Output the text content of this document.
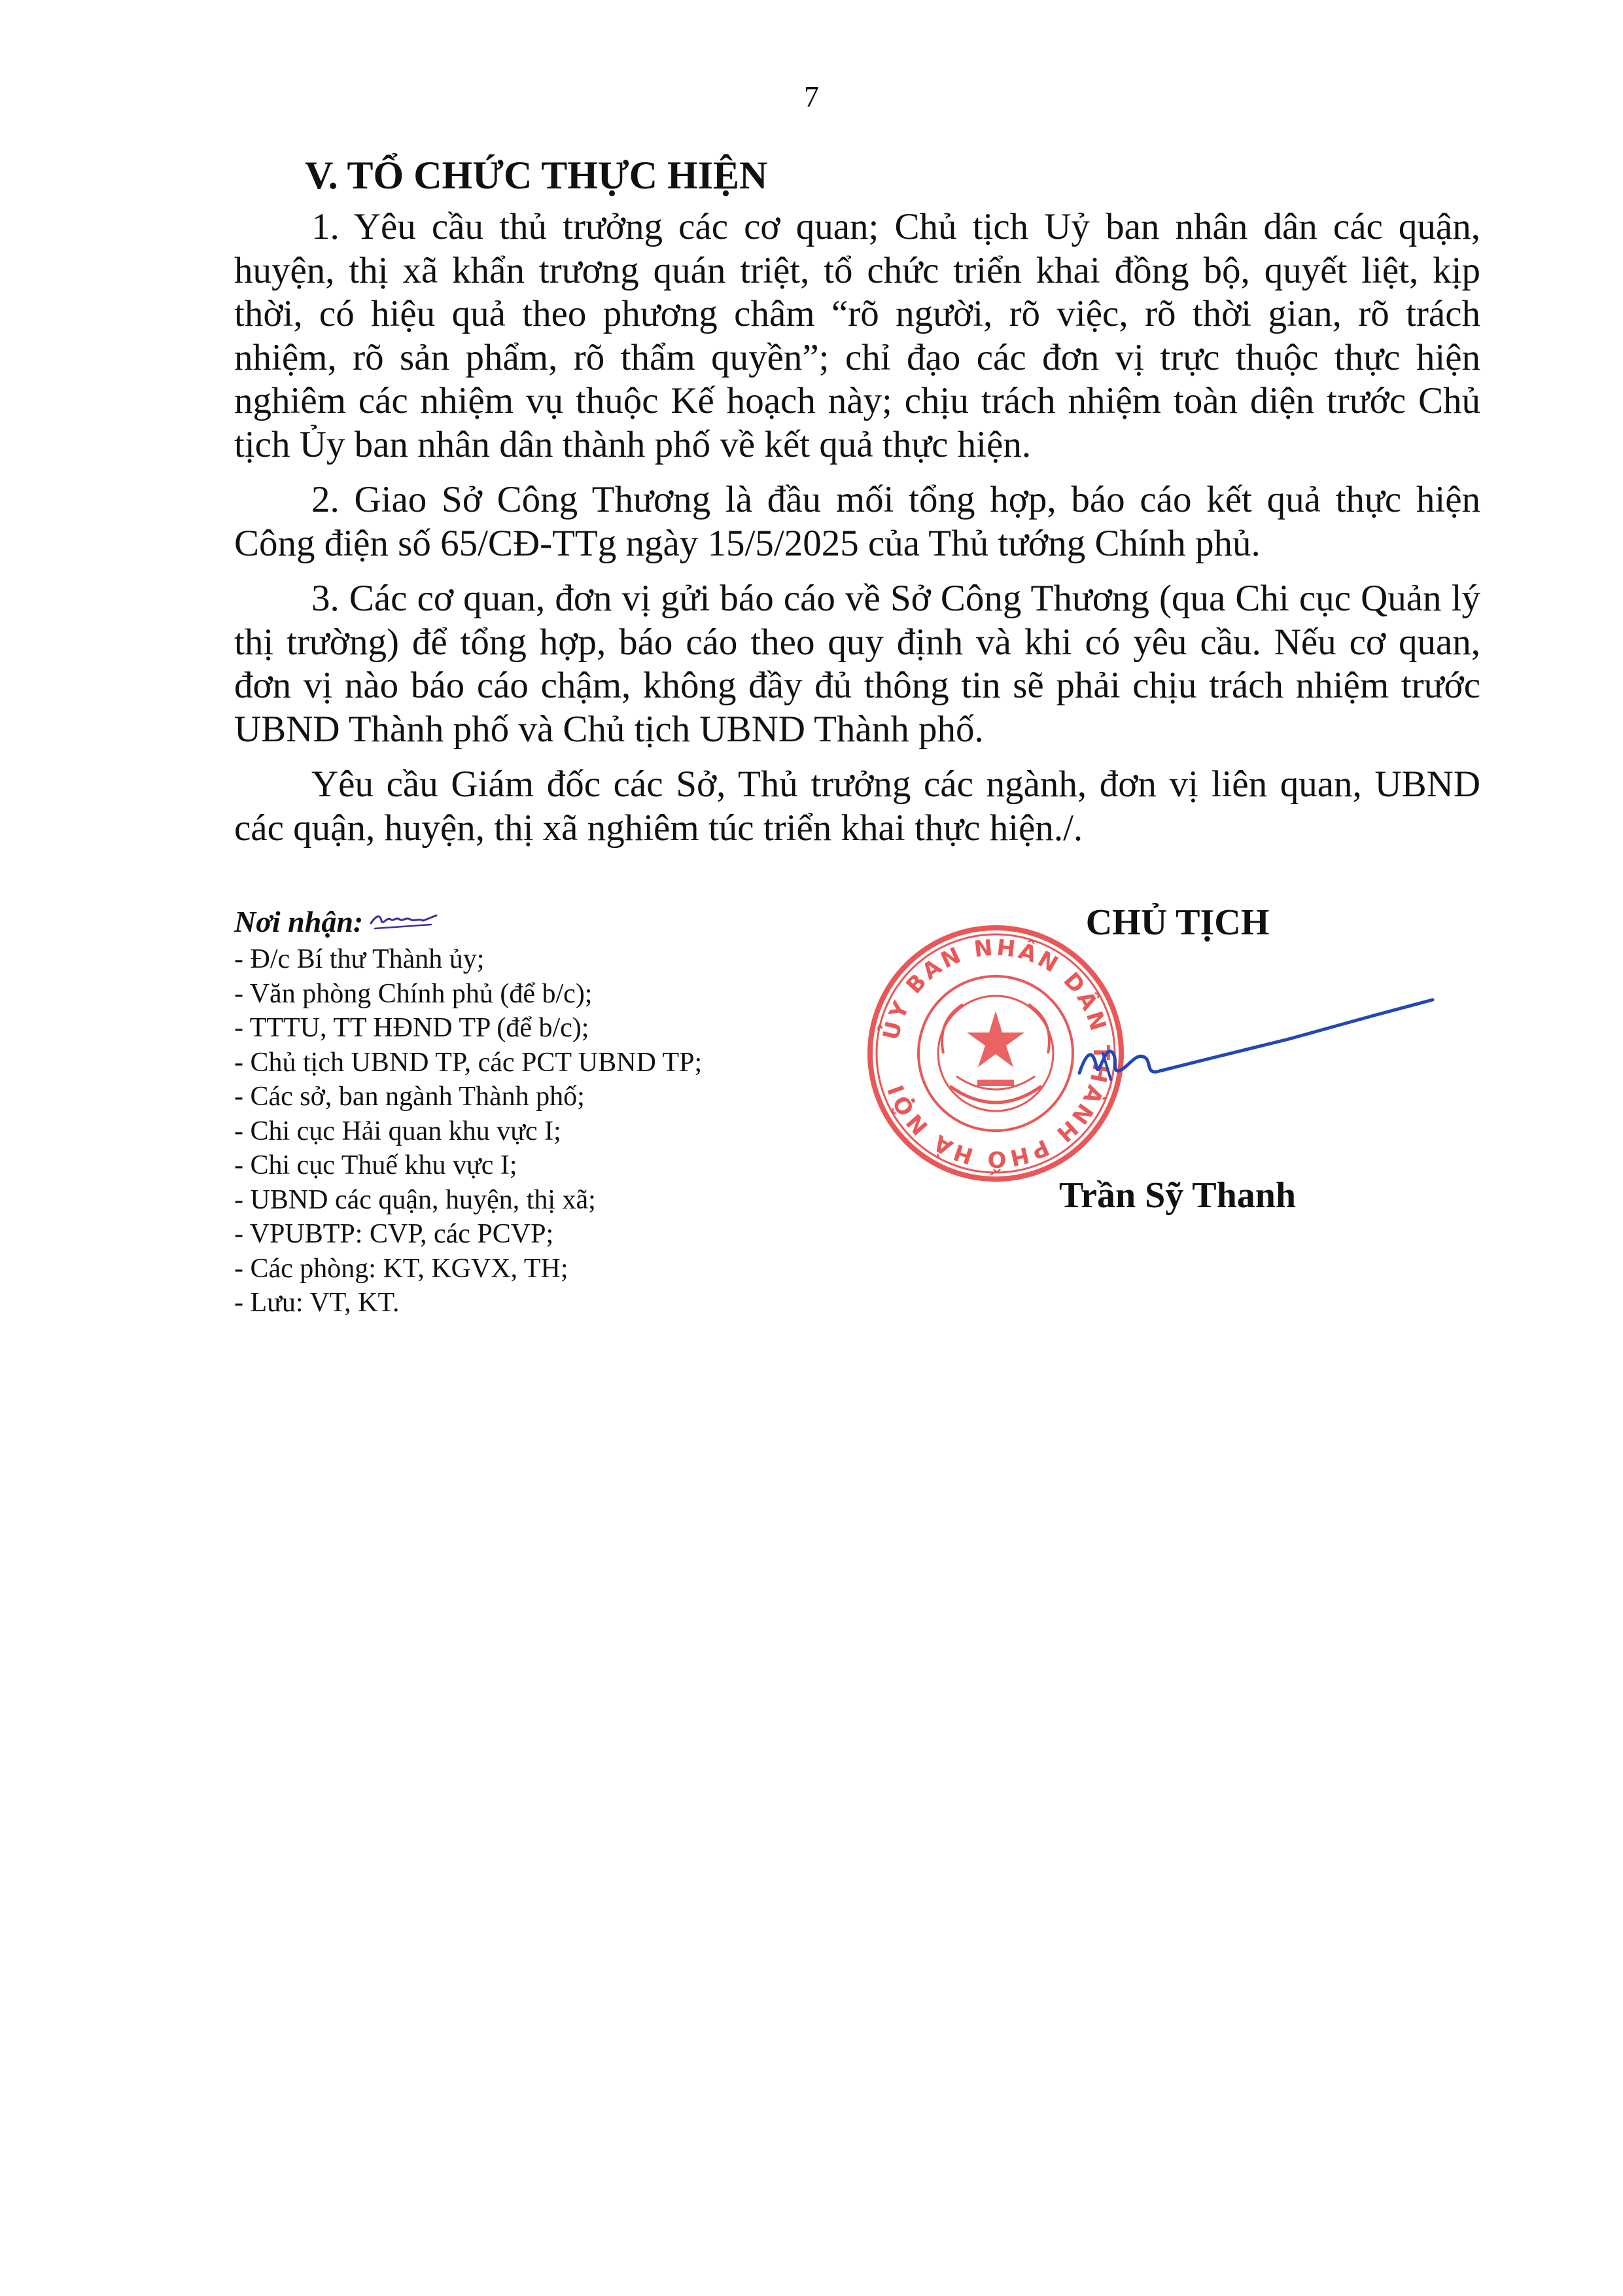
7
V. TỔ CHỨC THỰC HIỆN

1. Yêu cầu thủ trưởng các cơ quan; Chủ tịch Uỷ ban nhân dân các quận, huyện, thị xã khẩn trương quán triệt, tổ chức triển khai đồng bộ, quyết liệt, kịp thời, có hiệu quả theo phương châm “rõ người, rõ việc, rõ thời gian, rõ trách nhiệm, rõ sản phẩm, rõ thẩm quyền”; chỉ đạo các đơn vị trực thuộc thực hiện nghiêm các nhiệm vụ thuộc Kế hoạch này; chịu trách nhiệm toàn diện trước Chủ tịch Ủy ban nhân dân thành phố về kết quả thực hiện.

2. Giao Sở Công Thương là đầu mối tổng hợp, báo cáo kết quả thực hiện Công điện số 65/CĐ-TTg ngày 15/5/2025 của Thủ tướng Chính phủ.

3. Các cơ quan, đơn vị gửi báo cáo về Sở Công Thương (qua Chi cục Quản lý thị trường) để tổng hợp, báo cáo theo quy định và khi có yêu cầu. Nếu cơ quan, đơn vị nào báo cáo chậm, không đầy đủ thông tin sẽ phải chịu trách nhiệm trước UBND Thành phố và Chủ tịch UBND Thành phố.

Yêu cầu Giám đốc các Sở, Thủ trưởng các ngành, đơn vị liên quan, UBND các quận, huyện, thị xã nghiêm túc triển khai thực hiện./.

Nơi nhận:
- Đ/c Bí thư Thành ủy;
- Văn phòng Chính phủ (để b/c);
- TTTU, TT HĐND TP (để b/c);
- Chủ tịch UBND TP, các PCT UBND TP;
- Các sở, ban ngành Thành phố;
- Chi cục Hải quan khu vực I;
- Chi cục Thuế khu vực I;
- UBND các quận, huyện, thị xã;
- VPUBTP: CVP, các PCVP;
- Các phòng: KT, KGVX, TH;
- Lưu: VT, KT.
CHỦ TỊCH
ỦY BAN NHÂN DÂN THÀNH PHỐ HÀ NỘI
Trần Sỹ Thanh
